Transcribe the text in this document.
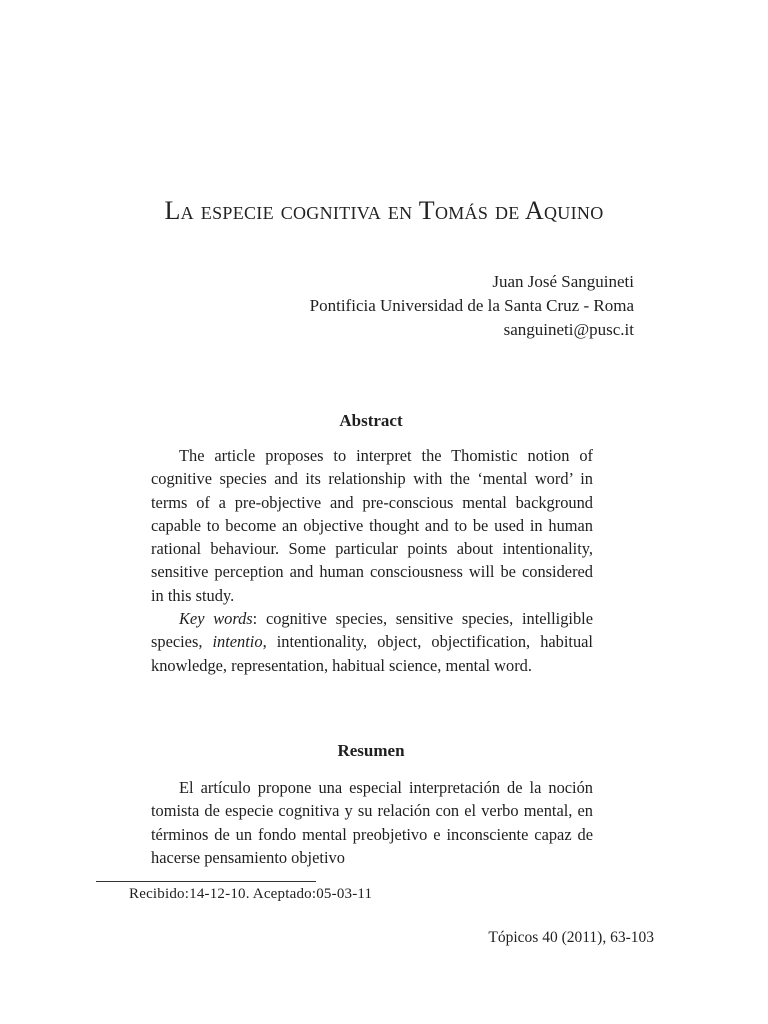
La especie cognitiva en Tomás de Aquino
Juan José Sanguineti
Pontificia Universidad de la Santa Cruz - Roma
sanguineti@pusc.it
Abstract

The article proposes to interpret the Thomistic notion of cognitive species and its relationship with the ‘mental word’ in terms of a pre-objective and pre-conscious mental background capable to become an objective thought and to be used in human rational behaviour. Some particular points about intentionality, sensitive perception and human consciousness will be considered in this study.

Key words: cognitive species, sensitive species, intelligible species, intentio, intentionality, object, objectification, habitual knowledge, representation, habitual science, mental word.

Resumen

El artículo propone una especial interpretación de la noción tomista de especie cognitiva y su relación con el verbo mental, en términos de un fondo mental preobjetivo e inconsciente capaz de hacerse pensamiento objetivo

Recibido:14-12-10. Aceptado:05-03-11
Tópicos 40 (2011), 63-103
